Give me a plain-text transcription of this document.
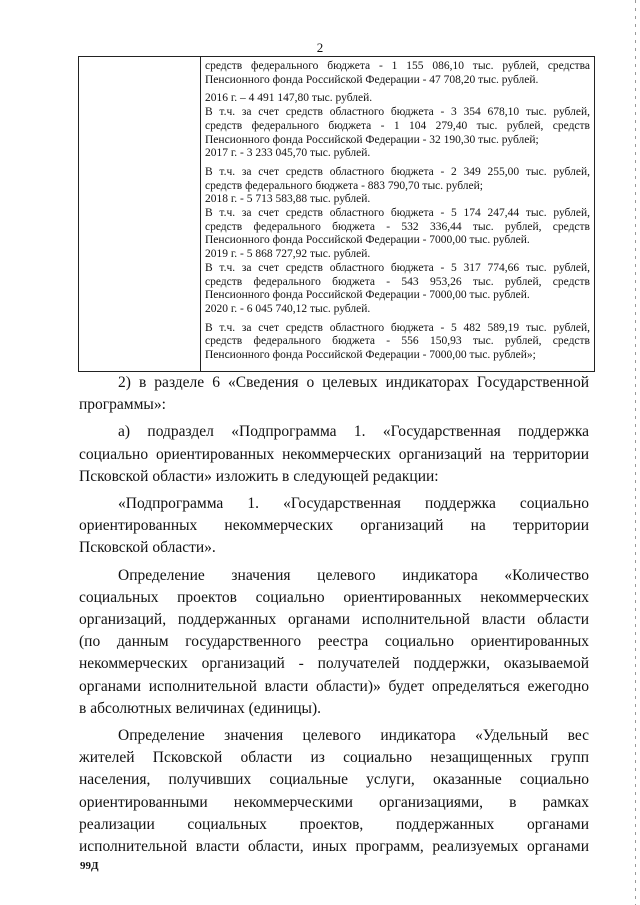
2
средств федерального бюджета - 1 155 086,10 тыс. рублей, средства
Пенсионного фонда Российской Федерации - 47 708,20 тыс. рублей.
2016 г. – 4 491 147,80 тыс. рублей.
В т.ч. за счет средств областного бюджета - 3 354 678,10 тыс. рублей,
средств федерального бюджета - 1 104 279,40 тыс. рублей, средств
Пенсионного фонда Российской Федерации - 32 190,30 тыс. рублей;
2017 г. - 3 233 045,70 тыс. рублей.
В т.ч. за счет средств областного бюджета - 2 349 255,00 тыс. рублей,
средств федерального бюджета - 883 790,70 тыс. рублей;
2018 г. - 5 713 583,88 тыс. рублей.
В т.ч. за счет средств областного бюджета - 5 174 247,44 тыс. рублей,
средств федерального бюджета - 532 336,44 тыс. рублей, средств
Пенсионного фонда Российской Федерации - 7000,00 тыс. рублей.
2019 г. - 5 868 727,92 тыс. рублей.
В т.ч. за счет средств областного бюджета - 5 317 774,66 тыс. рублей,
средств федерального бюджета - 543 953,26 тыс. рублей, средств
Пенсионного фонда Российской Федерации - 7000,00 тыс. рублей.
2020 г. - 6 045 740,12 тыс. рублей.
В т.ч. за счет средств областного бюджета - 5 482 589,19 тыс. рублей,
средств федерального бюджета - 556 150,93 тыс. рублей, средств
Пенсионного фонда Российской Федерации - 7000,00 тыс. рублей»;
2) в разделе 6 «Сведения о целевых индикаторах Государственной
программы»:
а) подраздел «Подпрограмма 1. «Государственная поддержка
социально ориентированных некоммерческих организаций на территории
Псковской области» изложить в следующей редакции:
«Подпрограмма 1. «Государственная поддержка социально
ориентированных некоммерческих организаций на территории
Псковской области».
Определение значения целевого индикатора «Количество
социальных проектов социально ориентированных некоммерческих
организаций, поддержанных органами исполнительной власти области
(по данным государственного реестра социально ориентированных
некоммерческих организаций - получателей поддержки, оказываемой
органами исполнительной власти области)» будет определяться ежегодно
в абсолютных величинах (единицы).
Определение значения целевого индикатора «Удельный вес
жителей Псковской области из социально незащищенных групп
населения, получивших социальные услуги, оказанные социально
ориентированными некоммерческими организациями, в рамках
реализации социальных проектов, поддержанных органами
исполнительной власти области, иных программ, реализуемых органами
99Д
